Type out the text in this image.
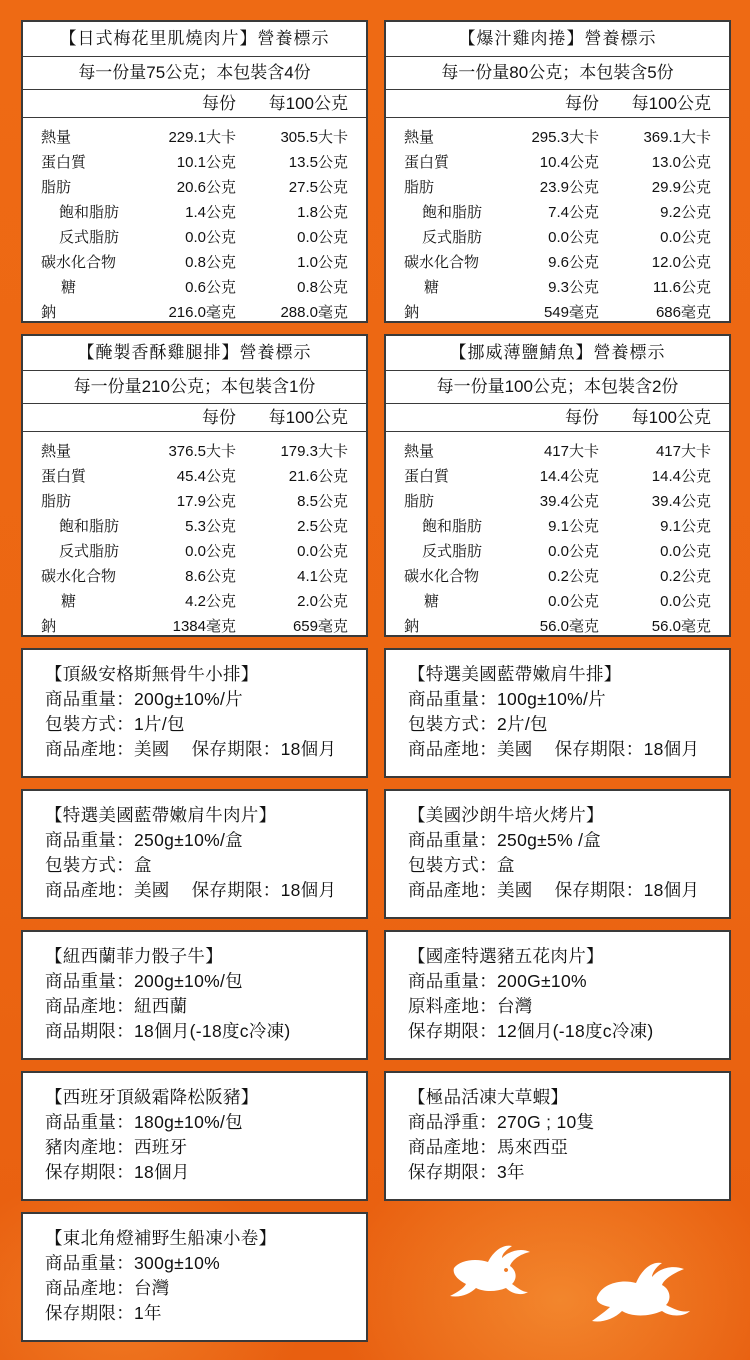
【日式梅花里肌燒肉片】營養標示
每一份量75公克；本包裝含4份
每份 每100公克
熱量	229.1大卡	305.5大卡
蛋白質	10.1公克	13.5公克
脂肪	20.6公克	27.5公克
飽和脂肪	1.4公克	1.8公克
反式脂肪	0.0公克	0.0公克
碳水化合物	0.8公克	1.0公克
糖	0.6公克	0.8公克
鈉	216.0毫克	288.0毫克
【爆汁雞肉捲】營養標示
每一份量80公克；本包裝含5份
每份 每100公克
熱量	295.3大卡	369.1大卡
蛋白質	10.4公克	13.0公克
脂肪	23.9公克	29.9公克
飽和脂肪	7.4公克	9.2公克
反式脂肪	0.0公克	0.0公克
碳水化合物	9.6公克	12.0公克
糖	9.3公克	11.6公克
鈉	549毫克	686毫克
【醃製香酥雞腿排】營養標示
每一份量210公克；本包裝含1份
每份 每100公克
熱量	376.5大卡	179.3大卡
蛋白質	45.4公克	21.6公克
脂肪	17.9公克	8.5公克
飽和脂肪	5.3公克	2.5公克
反式脂肪	0.0公克	0.0公克
碳水化合物	8.6公克	4.1公克
糖	4.2公克	2.0公克
鈉	1384毫克	659毫克
【挪威薄鹽鯖魚】營養標示
每一份量100公克；本包裝含2份
每份 每100公克
熱量	417大卡	417大卡
蛋白質	14.4公克	14.4公克
脂肪	39.4公克	39.4公克
飽和脂肪	9.1公克	9.1公克
反式脂肪	0.0公克	0.0公克
碳水化合物	0.2公克	0.2公克
糖	0.0公克	0.0公克
鈉	56.0毫克	56.0毫克
【頂級安格斯無骨牛小排】
商品重量：200g±10%/片
包裝方式：1片/包
商品產地：美國 保存期限：18個月
【特選美國藍帶嫩肩牛排】
商品重量：100g±10%/片
包裝方式：2片/包
商品產地：美國 保存期限：18個月
【特選美國藍帶嫩肩牛肉片】
商品重量：250g±10%/盒
包裝方式：盒
商品產地：美國 保存期限：18個月
【美國沙朗牛培火烤片】
商品重量：250g±5% /盒
包裝方式：盒
商品產地：美國 保存期限：18個月
【紐西蘭菲力骰子牛】
商品重量：200g±10%/包
商品產地：紐西蘭
商品期限：18個月(-18度c冷凍)
【國產特選豬五花肉片】
商品重量：200G±10%
原料產地：台灣
保存期限：12個月(-18度c冷凍)
【西班牙頂級霜降松阪豬】
商品重量：180g±10%/包
豬肉產地：西班牙
保存期限：18個月
【極品活凍大草蝦】
商品淨重：270G ; 10隻
商品產地：馬來西亞
保存期限：3年
【東北角燈補野生船凍小卷】
商品重量：300g±10%
商品產地：台灣
保存期限：1年
